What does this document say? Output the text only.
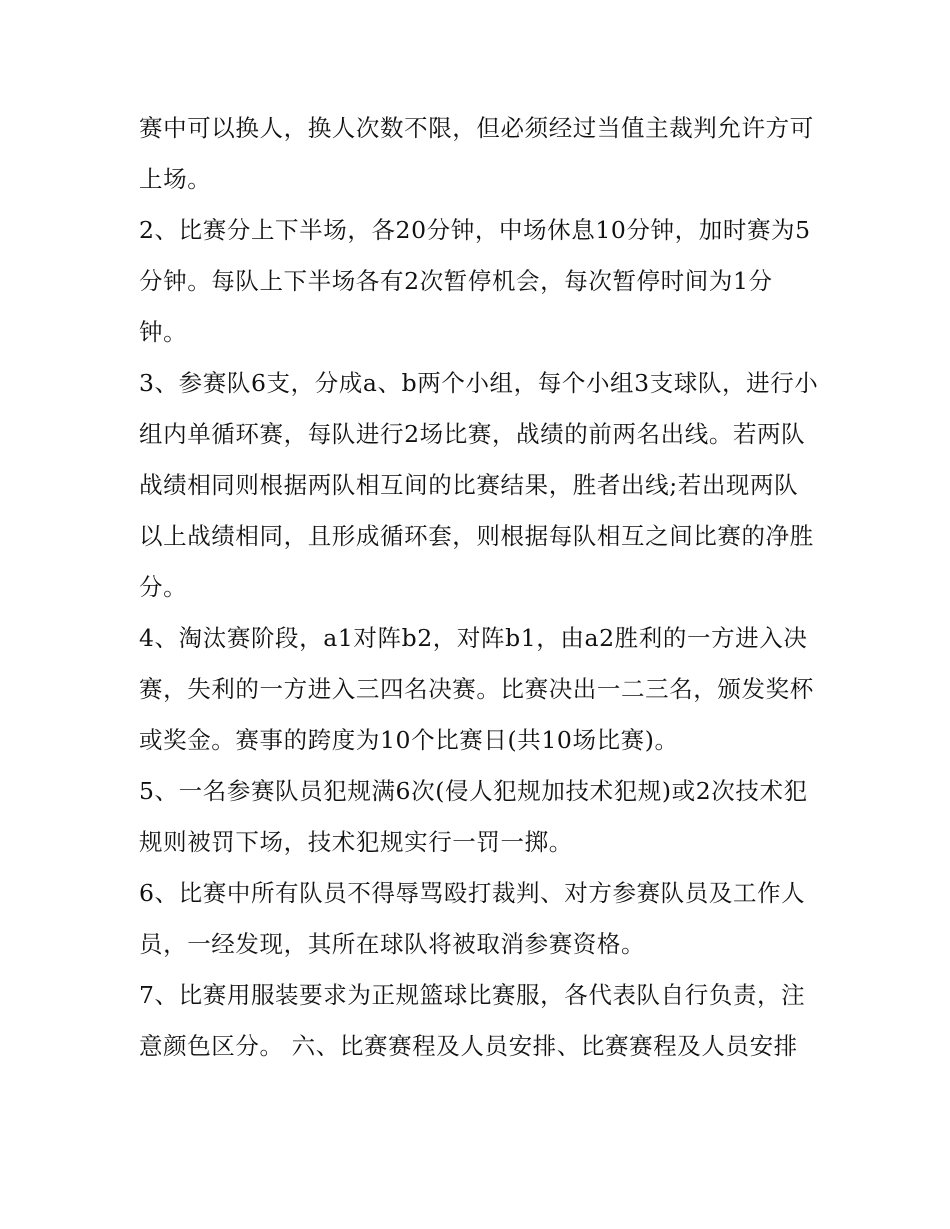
赛中可以换人，换人次数不限，但必须经过当值主裁判允许方可上场。

2、比赛分上下半场，各20分钟，中场休息10分钟，加时赛为5分钟。每队上下半场各有2次暂停机会，每次暂停时间为1分钟。

3、参赛队6支，分成a、b两个小组，每个小组3支球队，进行小组内单循环赛，每队进行2场比赛，战绩的前两名出线。若两队战绩相同则根据两队相互间的比赛结果，胜者出线;若出现两队以上战绩相同，且形成循环套，则根据每队相互之间比赛的净胜分。

4、淘汰赛阶段，a1对阵b2，对阵b1，由a2胜利的一方进入决赛，失利的一方进入三四名决赛。比赛决出一二三名，颁发奖杯或奖金。赛事的跨度为10个比赛日(共10场比赛)。

5、一名参赛队员犯规满6次(侵人犯规加技术犯规)或2次技术犯规则被罚下场，技术犯规实行一罚一掷。

6、比赛中所有队员不得辱骂殴打裁判、对方参赛队员及工作人员，一经发现，其所在球队将被取消参赛资格。

7、比赛用服装要求为正规篮球比赛服，各代表队自行负责，注意颜色区分。 六、比赛赛程及人员安排、比赛赛程及人员安排
